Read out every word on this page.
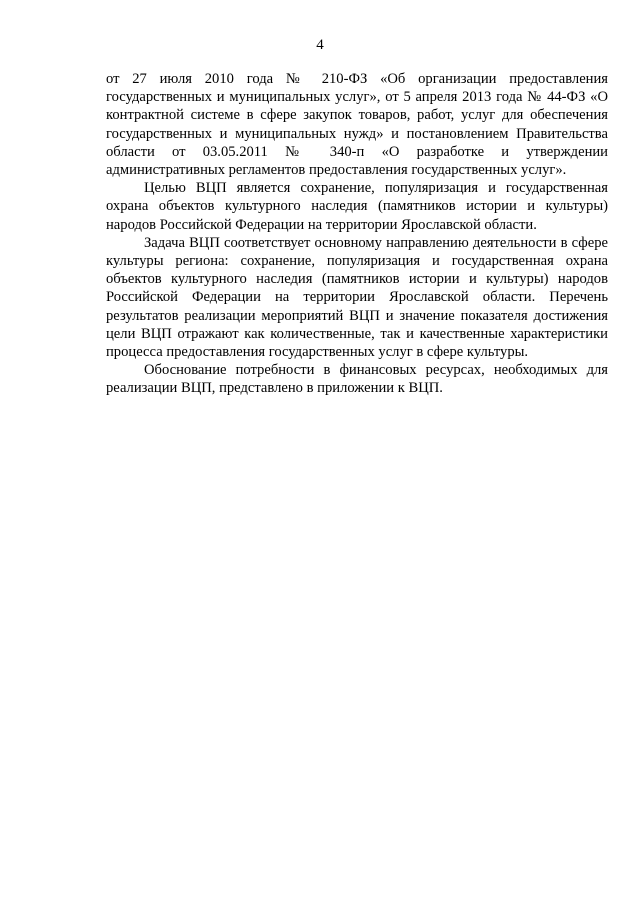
4

от 27 июля 2010 года № 210-ФЗ «Об организации предоставления государственных и муниципальных услуг», от 5 апреля 2013 года № 44-ФЗ «О контрактной системе в сфере закупок товаров, работ, услуг для обеспечения государственных и муниципальных нужд» и постановлением Правительства области от 03.05.2011 № 340-п «О разработке и утверждении административных регламентов предоставления государственных услуг».

Целью ВЦП является сохранение, популяризация и государственная охрана объектов культурного наследия (памятников истории и культуры) народов Российской Федерации на территории Ярославской области.

Задача ВЦП соответствует основному направлению деятельности в сфере культуры региона: сохранение, популяризация и государственная охрана объектов культурного наследия (памятников истории и культуры) народов Российской Федерации на территории Ярославской области. Перечень результатов реализации мероприятий ВЦП и значение показателя достижения цели ВЦП отражают как количественные, так и качественные характеристики процесса предоставления государственных услуг в сфере культуры.

Обоснование потребности в финансовых ресурсах, необходимых для реализации ВЦП, представлено в приложении к ВЦП.
